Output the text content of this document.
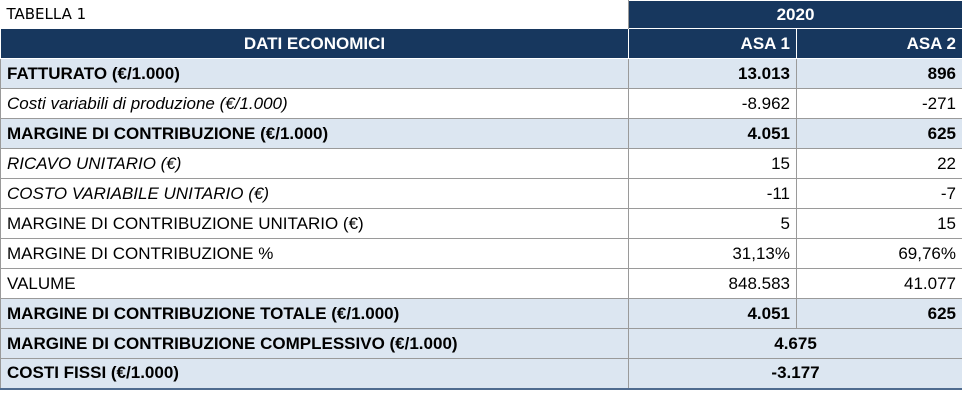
TABELLA 1	2020	
DATI ECONOMICI	ASA 1	ASA 2
FATTURATO (€/1.000)	13.013	896
Costi variabili di produzione (€/1.000)	-8.962	-271
MARGINE DI CONTRIBUZIONE (€/1.000)	4.051	625
RICAVO UNITARIO (€)	15	22
COSTO VARIABILE UNITARIO (€)	-11	-7
MARGINE DI CONTRIBUZIONE UNITARIO (€)	5	15
MARGINE DI CONTRIBUZIONE %	31,13%	69,76%
VALUME	848.583	41.077
MARGINE DI CONTRIBUZIONE TOTALE (€/1.000)	4.051	625
MARGINE DI CONTRIBUZIONE COMPLESSIVO (€/1.000)	4.675	
COSTI FISSI (€/1.000)	-3.177	
